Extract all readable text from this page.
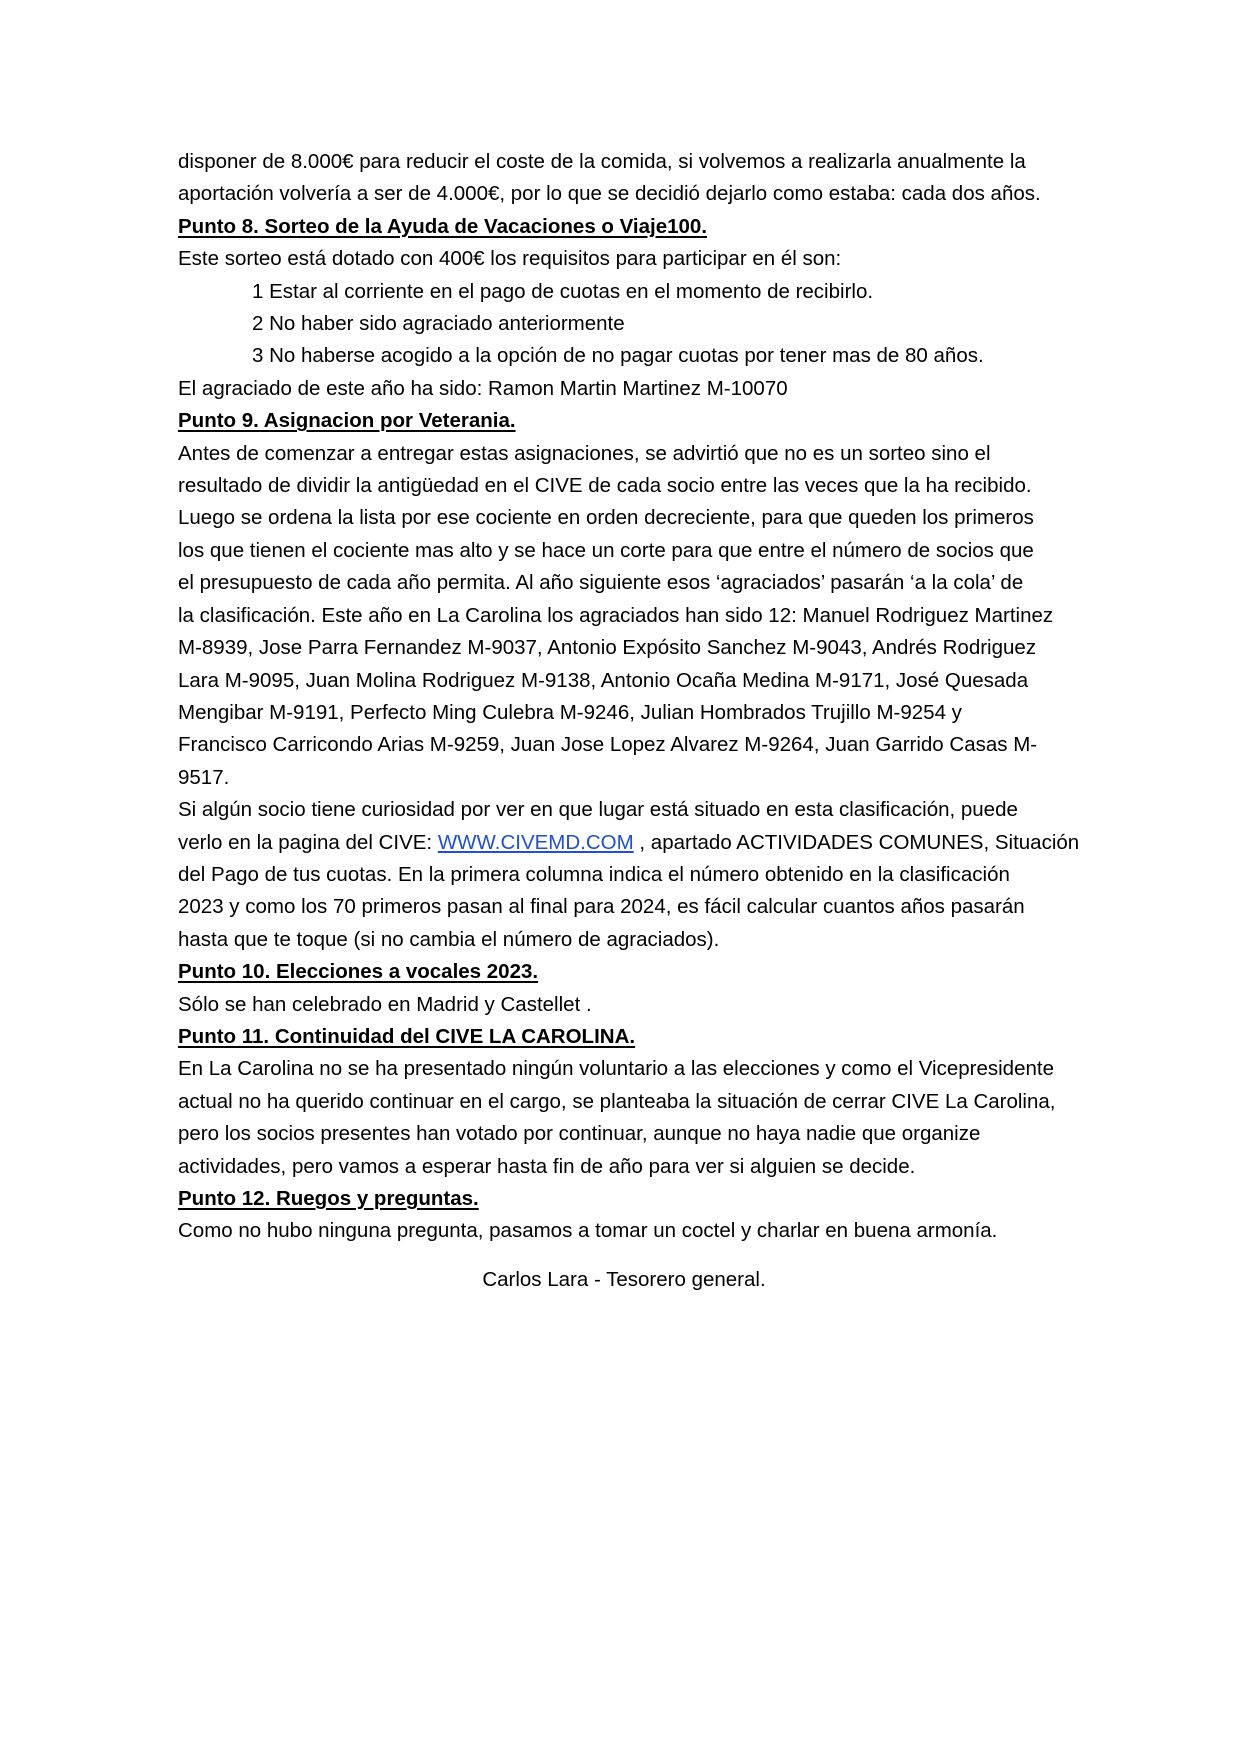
disponer de 8.000€ para reducir el coste de la comida, si volvemos a realizarla anualmente la
aportación volvería a ser de 4.000€, por lo que se decidió dejarlo como estaba: cada dos años.
Punto 8. Sorteo de la Ayuda de Vacaciones o Viaje100.
Este sorteo está dotado con 400€ los requisitos para participar en él son:
1 Estar al corriente en el pago de cuotas en el momento de recibirlo.
2 No haber sido agraciado anteriormente
3 No haberse acogido a la opción de no pagar cuotas por tener mas de 80 años.
El agraciado de este año ha sido: Ramon Martin Martinez M-10070
Punto 9. Asignacion por Veterania.
Antes de comenzar a entregar estas asignaciones, se advirtió que no es un sorteo sino el
resultado de dividir la antigüedad en el CIVE de cada socio entre las veces que la ha recibido.
Luego se ordena la lista por ese cociente en orden decreciente, para que queden los primeros
los que tienen el cociente mas alto y se hace un corte para que entre el número de socios que
el presupuesto de cada año permita. Al año siguiente esos ‘agraciados’ pasarán ‘a la cola’ de
la clasificación. Este año en La Carolina los agraciados han sido 12: Manuel Rodriguez Martinez
M-8939, Jose Parra Fernandez M-9037, Antonio Expósito Sanchez M-9043, Andrés Rodriguez
Lara M-9095, Juan Molina Rodriguez M-9138, Antonio Ocaña Medina M-9171, José Quesada
Mengibar M-9191, Perfecto Ming Culebra M-9246, Julian Hombrados Trujillo M-9254 y
Francisco Carricondo Arias M-9259, Juan Jose Lopez Alvarez M-9264, Juan Garrido Casas M-
9517.
Si algún socio tiene curiosidad por ver en que lugar está situado en esta clasificación, puede
verlo en la pagina del CIVE: WWW.CIVEMD.COM , apartado ACTIVIDADES COMUNES, Situación
del Pago de tus cuotas. En la primera columna indica el número obtenido en la clasificación
2023 y como los 70 primeros pasan al final para 2024, es fácil calcular cuantos años pasarán
hasta que te toque (si no cambia el número de agraciados).
Punto 10. Elecciones a vocales 2023.
Sólo se han celebrado en Madrid y Castellet .
Punto 11. Continuidad del CIVE LA CAROLINA.
En La Carolina no se ha presentado ningún voluntario a las elecciones y como el Vicepresidente
actual no ha querido continuar en el cargo, se planteaba la situación de cerrar CIVE La Carolina,
pero los socios presentes han votado por continuar, aunque no haya nadie que organize
actividades, pero vamos a esperar hasta fin de año para ver si alguien se decide.
Punto 12. Ruegos y preguntas.
Como no hubo ninguna pregunta, pasamos a tomar un coctel y charlar en buena armonía.
Carlos Lara - Tesorero general.
